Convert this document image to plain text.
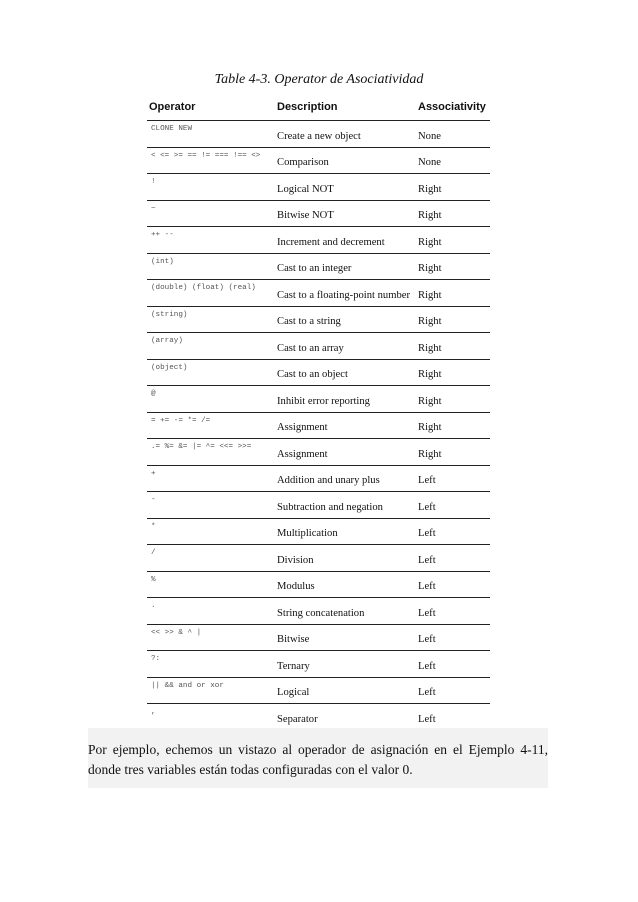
Table 4-3. Operator de Asociatividad
Operator	Description	Associativity

CLONE NEW	Create a new object	None

< <= >= == != === !== <>	Comparison	None

!	Logical NOT	Right

~	Bitwise NOT	Right

++ --	Increment and decrement	Right

(int)	Cast to an integer	Right

(double) (float) (real)	Cast to a floating-point number	Right

(string)	Cast to a string	Right

(array)	Cast to an array	Right

(object)	Cast to an object	Right

@	Inhibit error reporting	Right

= += -= *= /=	Assignment	Right

.= %= &= |= ^= <<= >>=	Assignment	Right

+	Addition and unary plus	Left

-	Subtraction and negation	Left

*	Multiplication	Left

/	Division	Left

%	Modulus	Left

.	String concatenation	Left

<< >> & ^ |	Bitwise	Left

?:	Ternary	Left

|| && and or xor	Logical	Left

,	Separator	Left

Por ejemplo, echemos un vistazo al operador de asignación en el Ejemplo 4-11, donde tres variables están todas configuradas con el valor 0.
